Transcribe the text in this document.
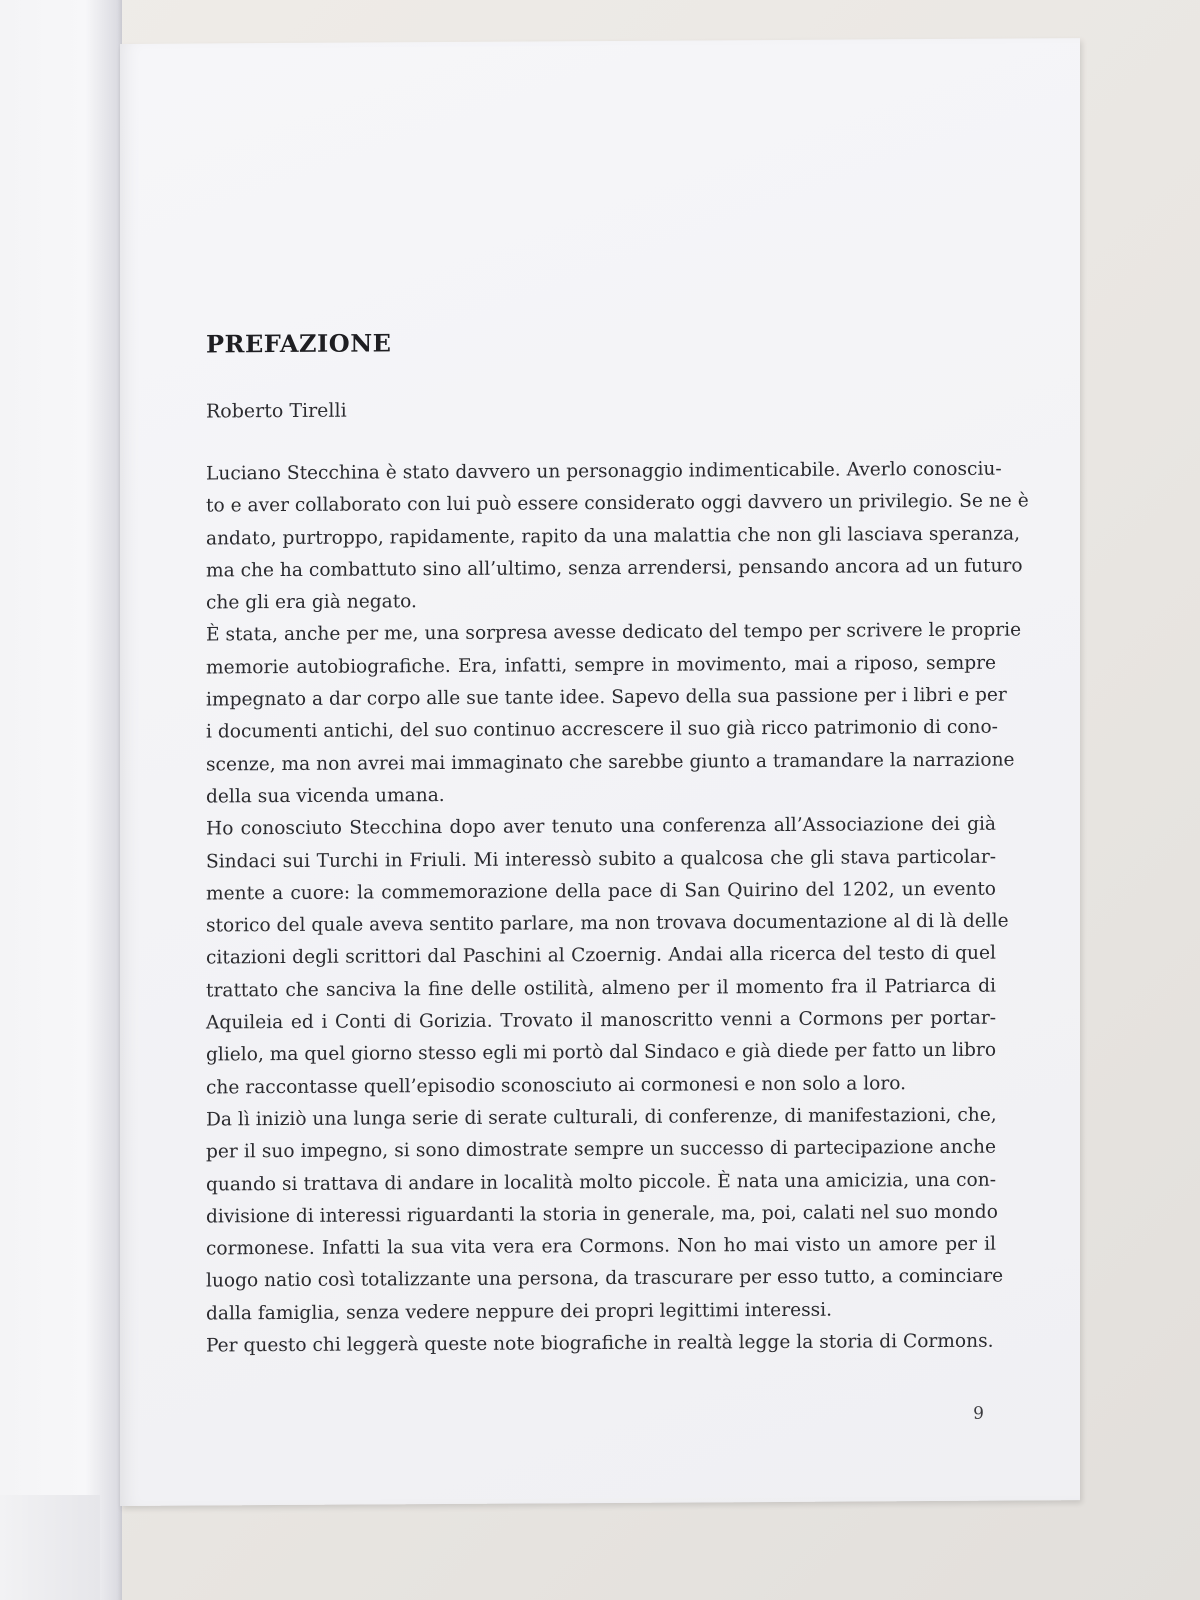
PREFAZIONE
Roberto Tirelli

Luciano Stecchina è stato davvero un personaggio indimenticabile. Averlo conosciu-
to e aver collaborato con lui può essere considerato oggi davvero un privilegio. Se ne è
andato, purtroppo, rapidamente, rapito da una malattia che non gli lasciava speranza,
ma che ha combattuto sino all’ultimo, senza arrendersi, pensando ancora ad un futuro
che gli era già negato.

È stata, anche per me, una sorpresa avesse dedicato del tempo per scrivere le proprie
memorie autobiografiche. Era, infatti, sempre in movimento, mai a riposo, sempre
impegnato a dar corpo alle sue tante idee. Sapevo della sua passione per i libri e per
i documenti antichi, del suo continuo accrescere il suo già ricco patrimonio di cono-
scenze, ma non avrei mai immaginato che sarebbe giunto a tramandare la narrazione
della sua vicenda umana.

Ho conosciuto Stecchina dopo aver tenuto una conferenza all’Associazione dei già
Sindaci sui Turchi in Friuli. Mi interessò subito a qualcosa che gli stava particolar-
mente a cuore: la commemorazione della pace di San Quirino del 1202, un evento
storico del quale aveva sentito parlare, ma non trovava documentazione al di là delle
citazioni degli scrittori dal Paschini al Czoernig. Andai alla ricerca del testo di quel
trattato che sanciva la fine delle ostilità, almeno per il momento fra il Patriarca di
Aquileia ed i Conti di Gorizia. Trovato il manoscritto venni a Cormons per portar-
glielo, ma quel giorno stesso egli mi portò dal Sindaco e già diede per fatto un libro
che raccontasse quell’episodio sconosciuto ai cormonesi e non solo a loro.

Da lì iniziò una lunga serie di serate culturali, di conferenze, di manifestazioni, che,
per il suo impegno, si sono dimostrate sempre un successo di partecipazione anche
quando si trattava di andare in località molto piccole. È nata una amicizia, una con-
divisione di interessi riguardanti la storia in generale, ma, poi, calati nel suo mondo
cormonese. Infatti la sua vita vera era Cormons. Non ho mai visto un amore per il
luogo natio così totalizzante una persona, da trascurare per esso tutto, a cominciare
dalla famiglia, senza vedere neppure dei propri legittimi interessi.

Per questo chi leggerà queste note biografiche in realtà legge la storia di Cormons.

9
